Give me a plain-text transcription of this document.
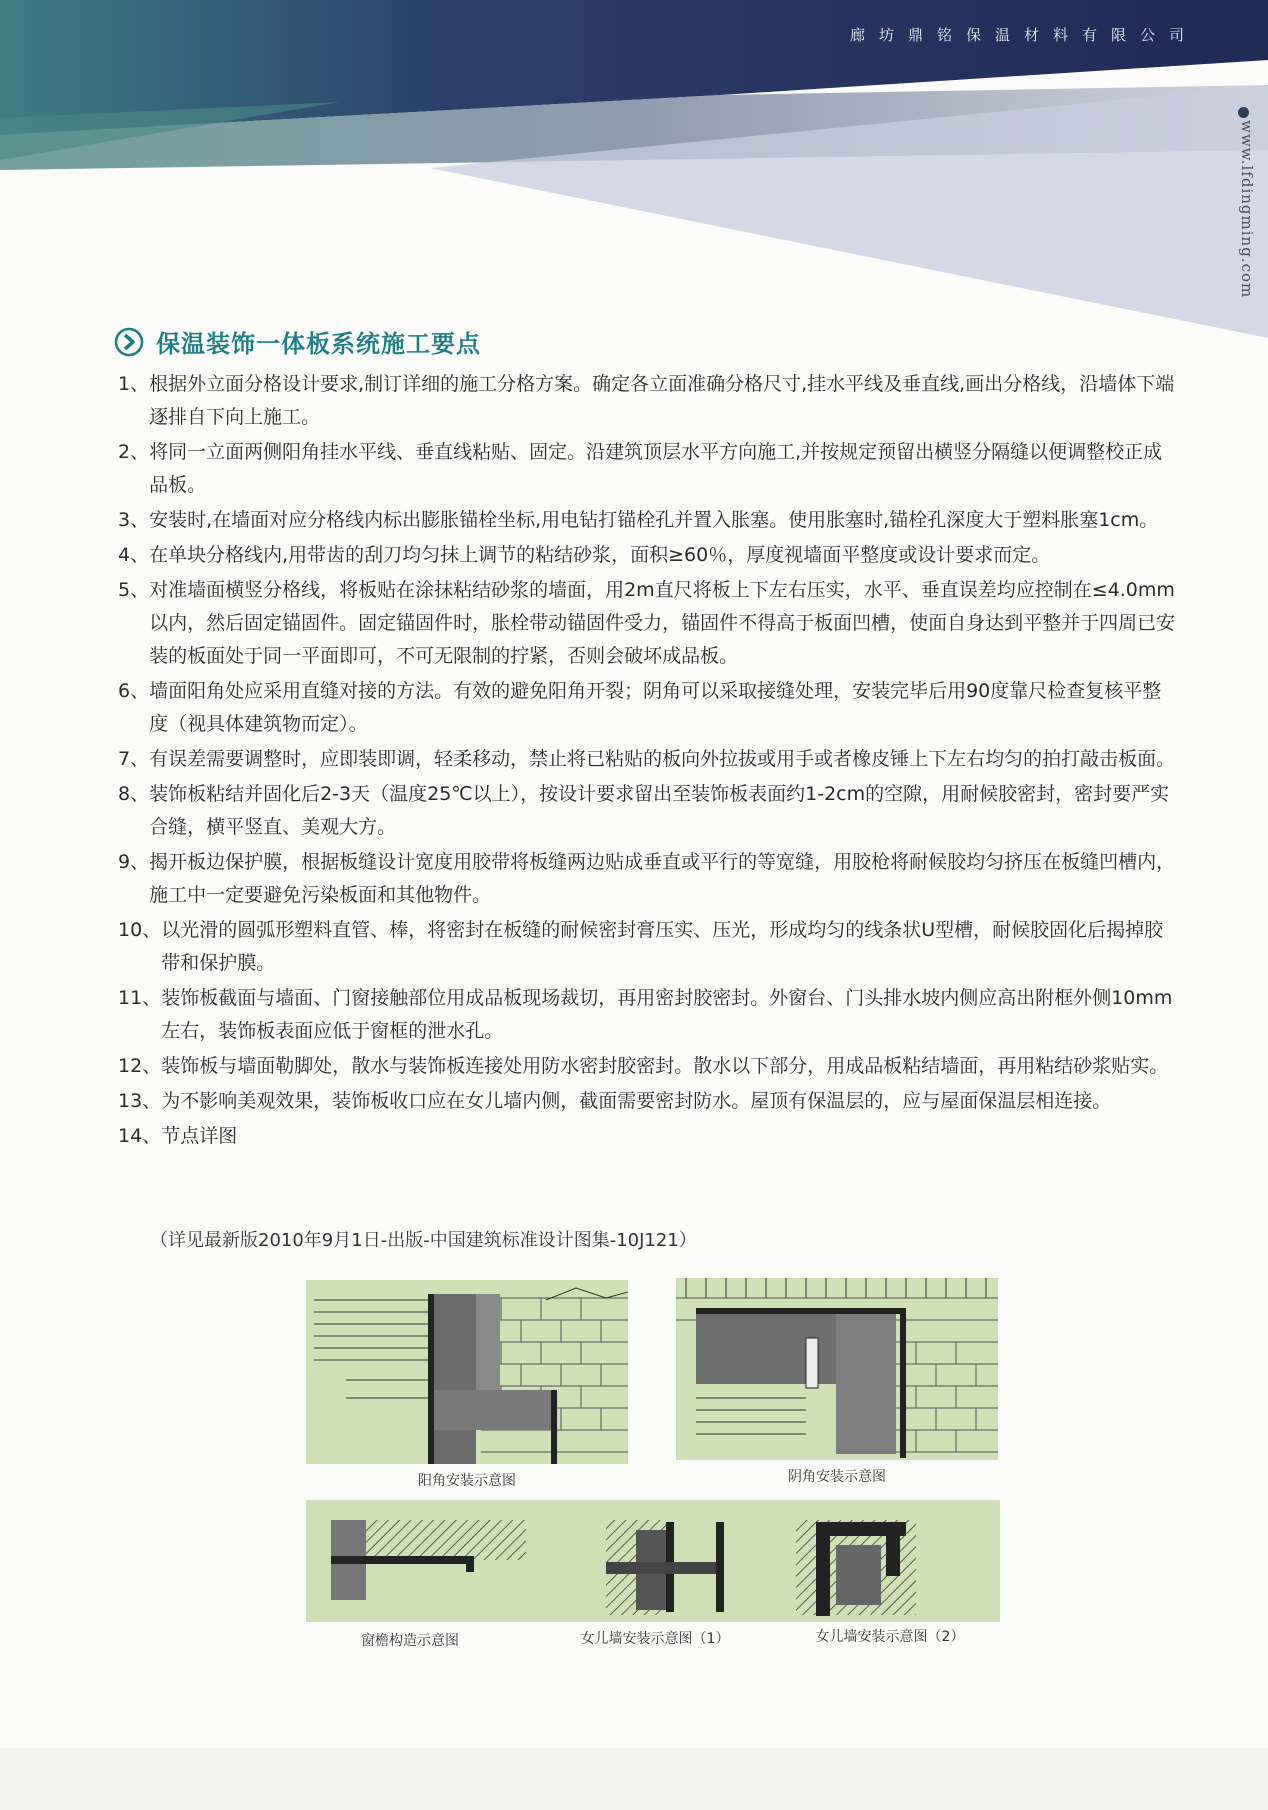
廊坊鼎铭保温材料有限公司
www.lfdingming.com
保温装饰一体板系统施工要点
1、 根据外立面分格设计要求,制订详细的施工分格方案。确定各立面准确分格尺寸,挂水平线及垂直线,画出分格线，沿墙体下端逐排自下向上施工。
2、 将同一立面两侧阳角挂水平线、垂直线粘贴、固定。沿建筑顶层水平方向施工,并按规定预留出横竖分隔缝以便调整校正成品板。
3、 安装时,在墙面对应分格线内标出膨胀锚栓坐标,用电钻打锚栓孔并置入胀塞。使用胀塞时,锚栓孔深度大于塑料胀塞1cm。
4、 在单块分格线内,用带齿的刮刀均匀抹上调节的粘结砂浆，面积≥60％，厚度视墙面平整度或设计要求而定。
5、 对准墙面横竖分格线，将板贴在涂抹粘结砂浆的墙面，用2m直尺将板上下左右压实，水平、垂直误差均应控制在≤4.0mm以内，然后固定锚固件。固定锚固件时，胀栓带动锚固件受力，锚固件不得高于板面凹槽，使面自身达到平整并于四周已安装的板面处于同一平面即可，不可无限制的拧紧，否则会破坏成品板。
6、 墙面阳角处应采用直缝对接的方法。有效的避免阳角开裂；阴角可以采取接缝处理，安装完毕后用90度靠尺检查复核平整度（视具体建筑物而定）。
7、 有误差需要调整时，应即装即调，轻柔移动，禁止将已粘贴的板向外拉拔或用手或者橡皮锤上下左右均匀的拍打敲击板面。
8、 装饰板粘结并固化后2-3天（温度25℃以上），按设计要求留出至装饰板表面约1-2cm的空隙，用耐候胶密封，密封要严实合缝，横平竖直、美观大方。
9、 揭开板边保护膜，根据板缝设计宽度用胶带将板缝两边贴成垂直或平行的等宽缝，用胶枪将耐候胶均匀挤压在板缝凹槽内，施工中一定要避免污染板面和其他物件。
10、 以光滑的圆弧形塑料直管、棒，将密封在板缝的耐候密封膏压实、压光，形成均匀的线条状U型槽，耐候胶固化后揭掉胶带和保护膜。
11、 装饰板截面与墙面、门窗接触部位用成品板现场裁切，再用密封胶密封。外窗台、门头排水坡内侧应高出附框外侧10mm左右，装饰板表面应低于窗框的泄水孔。
12、 装饰板与墙面勒脚处，散水与装饰板连接处用防水密封胶密封。散水以下部分，用成品板粘结墙面，再用粘结砂浆贴实。
13、 为不影响美观效果，装饰板收口应在女儿墙内侧，截面需要密封防水。屋顶有保温层的，应与屋面保温层相连接。
14、 节点详图
（详见最新版2010年9月1日-出版-中国建筑标准设计图集-10J121）
阳角安装示意图	阴角安装示意图
窗檐构造示意图	女儿墙安装示意图（1）	女儿墙安装示意图（2）
